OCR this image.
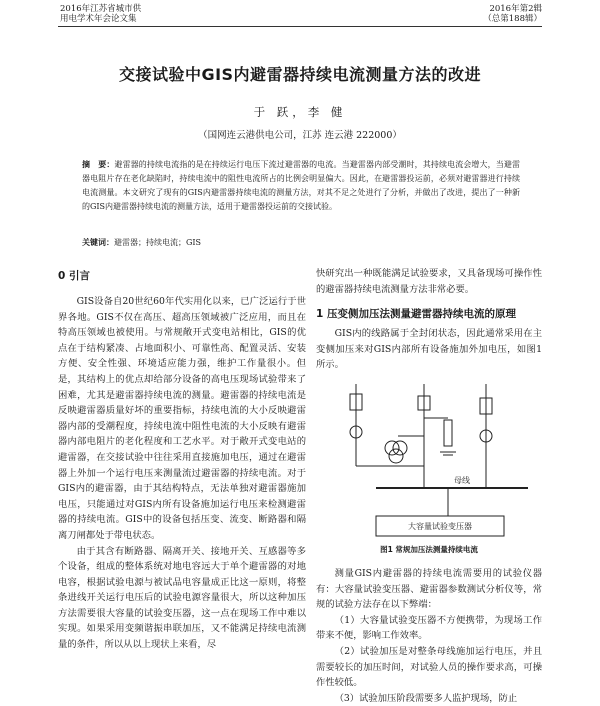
2016年江苏省城市供
用电学术年会论文集
2016年第2辑
（总第188辑）
交接试验中GIS内避雷器持续电流测量方法的改进
于 跃，李 健
（国网连云港供电公司，江苏 连云港 222000）
摘　要：避雷器的持续电流指的是在持续运行电压下流过避雷器的电流。当避雷器内部受潮时，其持续电流会增大，当避雷器电阻片存在老化缺陷时，持续电流中的阻性电流所占的比例会明显偏大。因此，在避雷器投运前，必须对避雷器进行持续电流测量。本文研究了现有的GIS内避雷器持续电流的测量方法，对其不足之处进行了分析，并做出了改进，提出了一种新的GIS内避雷器持续电流的测量方法，适用于避雷器投运前的交接试验。
关键词：避雷器；持续电流；GIS
0 引言

GIS设备自20世纪60年代实用化以来，已广泛运行于世界各地。GIS不仅在高压、超高压领域被广泛应用，而且在特高压领域也被使用。与常规敞开式变电站相比，GIS的优点在于结构紧凑、占地面积小、可靠性高、配置灵活、安装方便、安全性强、环境适应能力强，维护工作量很小。但是，其结构上的优点却给部分设备的高电压现场试验带来了困难，尤其是避雷器持续电流的测量。避雷器的持续电流是反映避雷器质量好坏的重要指标，持续电流的大小反映避雷器内部的受潮程度，持续电流中阻性电流的大小反映有避雷器内部电阻片的老化程度和工艺水平。对于敞开式变电站的避雷器，在交接试验中往往采用直接施加电压，通过在避雷器上外加一个运行电压来测量流过避雷器的持续电流。对于GIS内的避雷器，由于其结构特点，无法单独对避雷器施加电压，只能通过对GIS内所有设备施加运行电压来检测避雷器的持续电流。GIS中的设备包括压变、流变、断路器和隔离刀闸都处于带电状态。

由于其含有断路器、隔离开关、接地开关、互感器等多个设备，组成的整体系统对地电容远大于单个避雷器的对地电容，根据试验电源与被试品电容量成正比这一原则，将整条进线开关运行电压后的试验电源容量很大，所以这种加压方法需要很大容量的试验变压器，这一点在现场工作中难以实现。如果采用变频谐振串联加压，又不能满足持续电流测量的条件，所以从以上现状上来看，尽

快研究出一种既能满足试验要求，又具备现场可操作性的避雷器持续电流测量方法非常必要。

1 压变侧加压法测量避雷器持续电流的原理

GIS内的线路属于全封闭状态，因此通常采用在主变侧加压来对GIS内部所有设备施加外加电压，如图1所示。

母线
大容量试验变压器
图1 常规加压法测量持续电流

测量GIS内避雷器的持续电流需要用的试验仪器有：大容量试验变压器、避雷器参数测试分析仪等，常规的试验方法存在以下弊端：

（1）大容量试验变压器不方便携带，为现场工作带来不便，影响工作效率。

（2）试验加压是对整条母线施加运行电压，并且需要较长的加压时间，对试验人员的操作要求高，可操作性较低。

（3）试验加压阶段需要多人监护现场，防止
